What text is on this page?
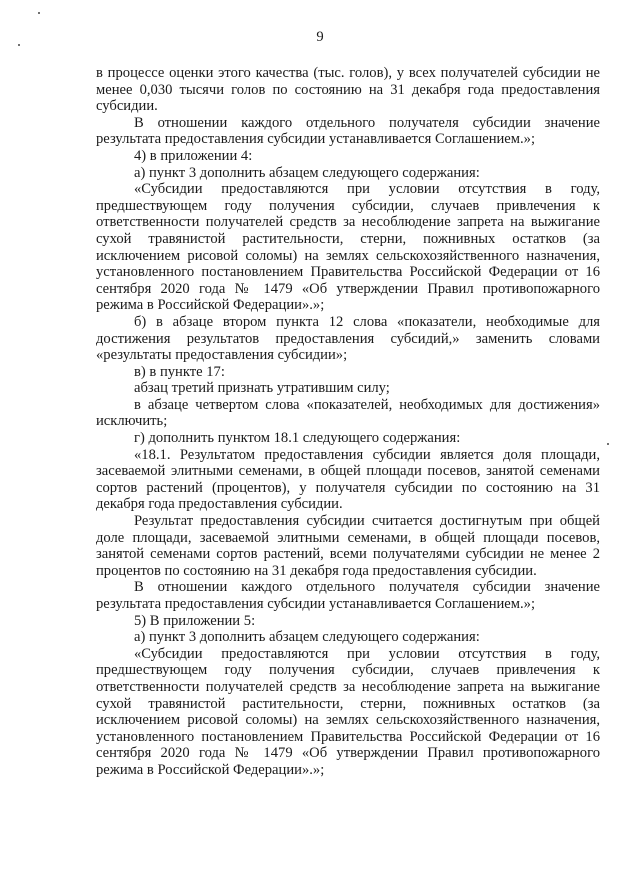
9

в процессе оценки этого качества (тыс. голов), у всех получателей субсидии не менее 0,030 тысячи голов по состоянию на 31 декабря года предоставления субсидии.

В отношении каждого отдельного получателя субсидии значение результата предоставления субсидии устанавливается Соглашением.»;

4) в приложении 4:

а) пункт 3 дополнить абзацем следующего содержания:

«Субсидии предоставляются при условии отсутствия в году, предшествующем году получения субсидии, случаев привлечения к ответственности получателей средств за несоблюдение запрета на выжигание сухой травянистой растительности, стерни, пожнивных остатков (за исключением рисовой соломы) на землях сельскохозяйственного назначения, установленного постановлением Правительства Российской Федерации от 16 сентября 2020 года № 1479 «Об утверждении Правил противопожарного режима в Российской Федерации».»;

б) в абзаце втором пункта 12 слова «показатели, необходимые для достижения результатов предоставления субсидий,» заменить словами «результаты предоставления субсидии»;

в) в пункте 17:

абзац третий признать утратившим силу;

в абзаце четвертом слова «показателей, необходимых для достижения» исключить;

г) дополнить пунктом 18.1 следующего содержания:

«18.1. Результатом предоставления субсидии является доля площади, засеваемой элитными семенами, в общей площади посевов, занятой семенами сортов растений (процентов), у получателя субсидии по состоянию на 31 декабря года предоставления субсидии.

Результат предоставления субсидии считается достигнутым при общей доле площади, засеваемой элитными семенами, в общей площади посевов, занятой семенами сортов растений, всеми получателями субсидии не менее 2 процентов по состоянию на 31 декабря года предоставления субсидии.

В отношении каждого отдельного получателя субсидии значение результата предоставления субсидии устанавливается Соглашением.»;

5) В приложении 5:

а) пункт 3 дополнить абзацем следующего содержания:

«Субсидии предоставляются при условии отсутствия в году, предшествующем году получения субсидии, случаев привлечения к ответственности получателей средств за несоблюдение запрета на выжигание сухой травянистой растительности, стерни, пожнивных остатков (за исключением рисовой соломы) на землях сельскохозяйственного назначения, установленного постановлением Правительства Российской Федерации от 16 сентября 2020 года № 1479 «Об утверждении Правил противопожарного режима в Российской Федерации».»;
